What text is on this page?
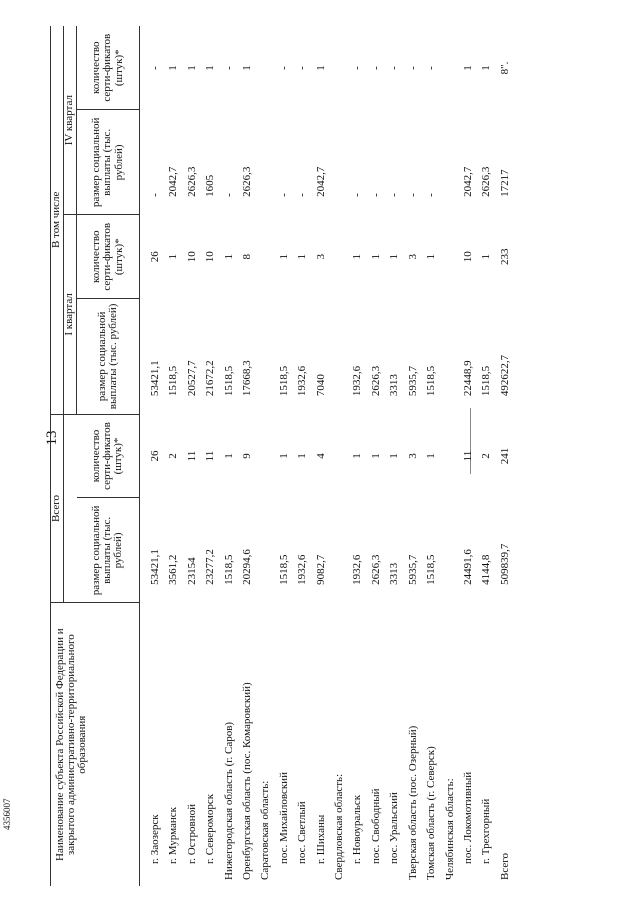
13
4356007	Наименование субъекта Российской Федерации и закрытого административно-территориального образования	Всего		В том числе			
			I квартал		IV квартал	
	размер социальной выплаты (тыс. рублей)	количество серти-фикатов (штук)*	размер социальной выплаты (тыс. рублей)	количество серти-фикатов (штук)*	размер социальной выплаты (тыс. рублей)	количество серти-фикатов (штук)*
г. Заозерск	53421,1	26	53421,1	26	-	-
г. Мурманск	3561,2	2	1518,5	1	2042,7	1
г. Островной	23154	11	20527,7	10	2626,3	1
г. Североморск	23277,2	11	21672,2	10	1605	1
Нижегородская область (г. Саров)	1518,5	1	1518,5	1	-	-
Оренбургская область (пос. Комаровский)	20294,6	9	17668,3	8	2626,3	1
Саратовская область:						
пос. Михайловский	1518,5	1	1518,5	1	-	-
пос. Светлый	1932,6	1	1932,6	1	-	-
г. Шиханы	9082,7	4	7040	3	2042,7	1
Свердловская область:						
г. Новоуральск	1932,6	1	1932,6	1	-	-
пос. Свободный	2626,3	1	2626,3	1	-	-
пос. Уральский	3313	1	3313	1	-	-
Тверская область (пос. Озерный)	5935,7	3	5935,7	3	-	-
Томская область (г. Северск)	1518,5	1	1518,5	1	-	-
Челябинская область:						
пос. Локомотивный	24491,6	11	22448,9	10	2042,7	1
г. Трехгорный	4144,8	2	1518,5	1	2626,3	1
Всего	509839,7	241	492622,7	233	17217	8".
